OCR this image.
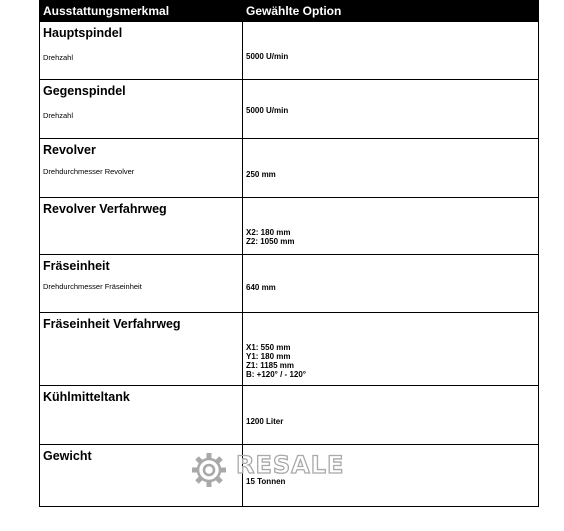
Ausstattungsmerkmal	Gewählte Option

Hauptspindel
Drehzahl	5000 U/min

Gegenspindel
Drehzahl	5000 U/min

Revolver
Drehdurchmesser Revolver	250 mm

Revolver Verfahrweg	X2: 180 mm
Z2: 1050 mm

Fräseinheit
Drehdurchmesser Fräseinheit	640 mm

Fräseinheit Verfahrweg	X1: 550 mm
Y1: 180 mm
Z1: 1185 mm
B: +120° / - 120°

Kühlmitteltank	1200 Liter

Gewicht	15 Tonnen
RESALE
